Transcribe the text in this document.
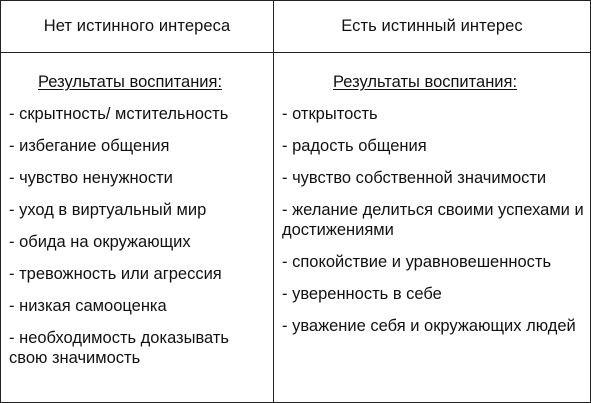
Нет истинного интереса	Есть истинный интерес
Результаты воспитания:
- скрытность/ мстительность
- избегание общения
- чувство ненужности
- уход в виртуальный мир
- обида на окружающих
- тревожность или агрессия
- низкая самооценка
- необходимость доказывать свою значимость
Результаты воспитания:
- открытость
- радость общения
- чувство собственной значимости
- желание делиться своими успехами и достижениями
- спокойствие и уравновешенность
- уверенность в себе
- уважение себя и окружающих людей
